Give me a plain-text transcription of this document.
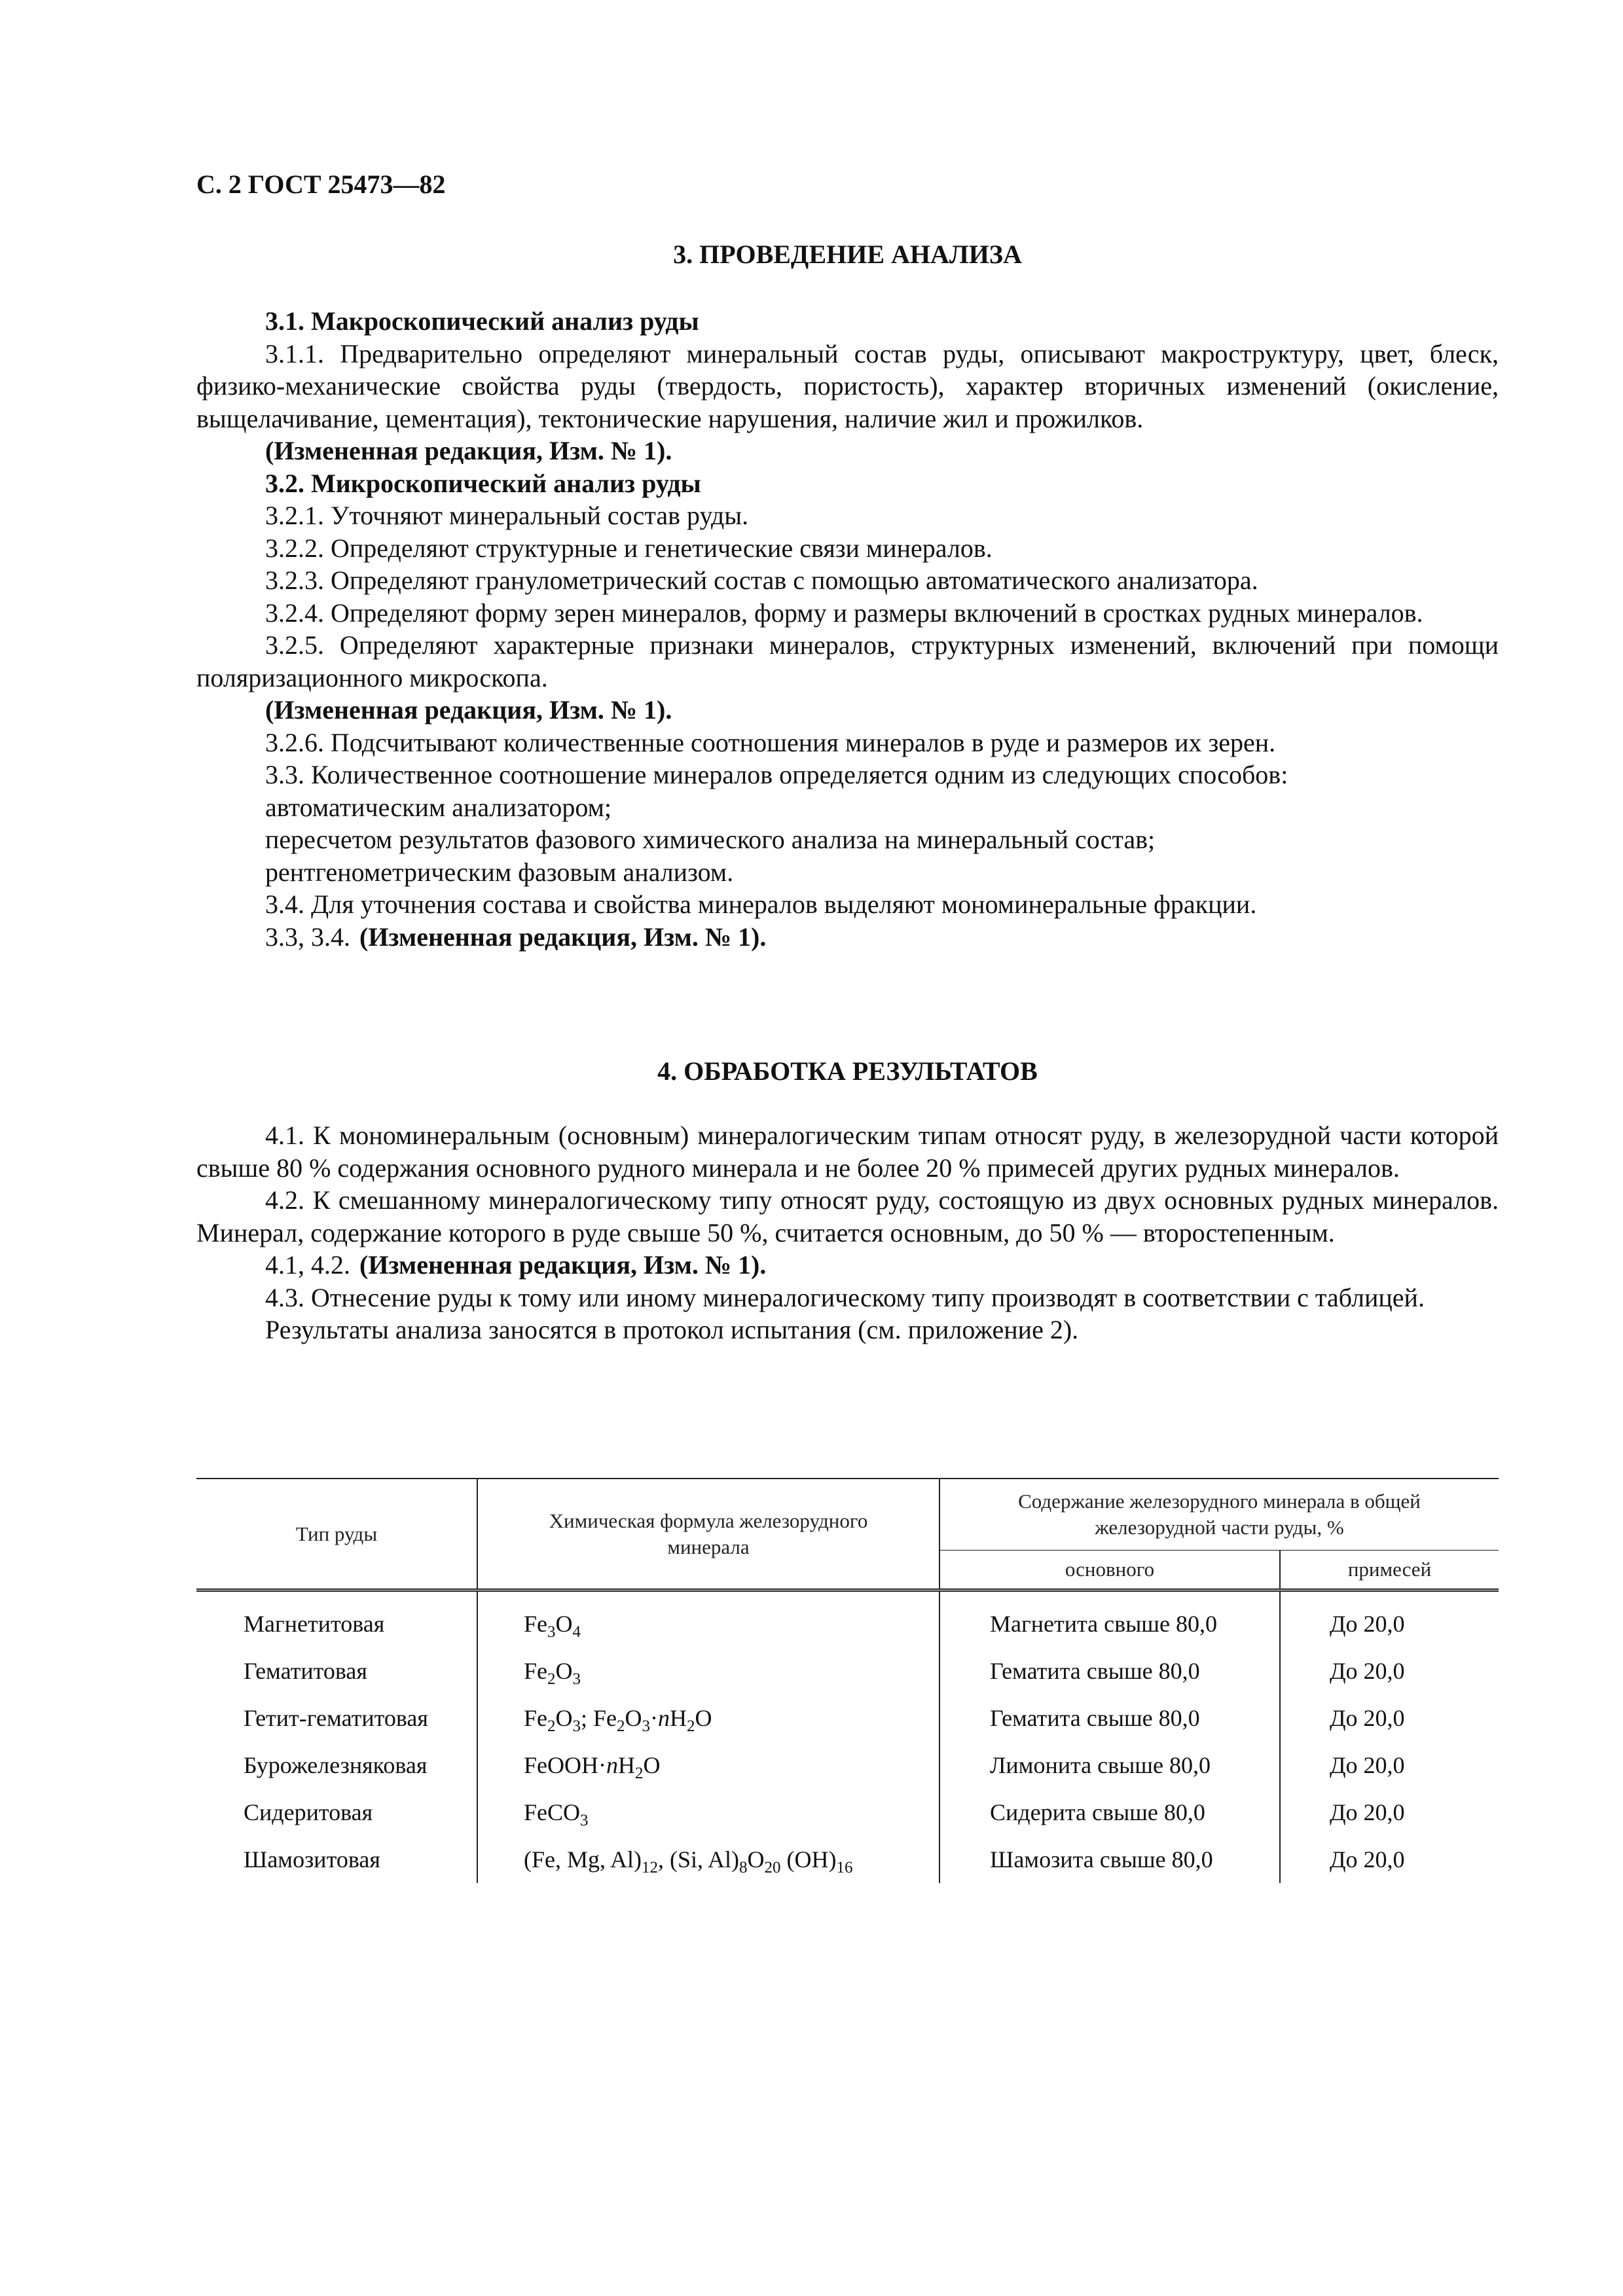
С. 2 ГОСТ 25473—82
3. ПРОВЕДЕНИЕ АНАЛИЗА

3.1. Макроскопический анализ руды

3.1.1. Предварительно определяют минеральный состав руды, описывают макроструктуру, цвет, блеск, физико-механические свойства руды (твердость, пористость), характер вторичных изменений (окисление, выщелачивание, цементация), тектонические нарушения, наличие жил и прожилков.

(Измененная редакция, Изм. № 1).

3.2. Микроскопический анализ руды

3.2.1. Уточняют минеральный состав руды.

3.2.2. Определяют структурные и генетические связи минералов.

3.2.3. Определяют гранулометрический состав с помощью автоматического анализатора.

3.2.4. Определяют форму зерен минералов, форму и размеры включений в сростках рудных минералов.

3.2.5. Определяют характерные признаки минералов, структурных изменений, включений при помощи поляризационного микроскопа.

(Измененная редакция, Изм. № 1).

3.2.6. Подсчитывают количественные соотношения минералов в руде и размеров их зерен.

3.3. Количественное соотношение минералов определяется одним из следующих способов:

автоматическим анализатором;

пересчетом результатов фазового химического анализа на минеральный состав;

рентгенометрическим фазовым анализом.

3.4. Для уточнения состава и свойства минералов выделяют мономинеральные фракции.

3.3, 3.4. (Измененная редакция, Изм. № 1).

4. ОБРАБОТКА РЕЗУЛЬТАТОВ

4.1. К мономинеральным (основным) минералогическим типам относят руду, в железорудной части которой свыше 80 % содержания основного рудного минерала и не более 20 % примесей других рудных минералов.

4.2. К смешанному минералогическому типу относят руду, состоящую из двух основных рудных минералов. Минерал, содержание которого в руде свыше 50 %, считается основным, до 50 % — второстепенным.

4.1, 4.2. (Измененная редакция, Изм. № 1).

4.3. Отнесение руды к тому или иному минералогическому типу производят в соответствии с таблицей.

Результаты анализа заносятся в протокол испытания (см. приложение 2).

Тип руды	Химическая формула железорудного минерала	Содержание железорудного минерала в общей железорудной части руды, %	
		основного	примесей
Магнетитовая	$Fe_3O_4$	Магнетита свыше 80,0	До 20,0
Гематитовая	$Fe_2O_3$	Гематита свыше 80,0	До 20,0
Гетит-гематитовая	$Fe_2O_3$; $Fe_2O_3\cdot nH_2O$	Гематита свыше 80,0	До 20,0
Бурожелезняковая	$FeOOH\cdot nH_2O$	Лимонита свыше 80,0	До 20,0
Сидеритовая	FeCO$_3$	Сидерита свыше 80,0	До 20,0
Шамозитовая	(Fe, Mg, $Al)_{12}$, (Si, $Al)_8O_{20}$ $(OH)_{16}$	Шамозита свыше 80,0	До 20,0
